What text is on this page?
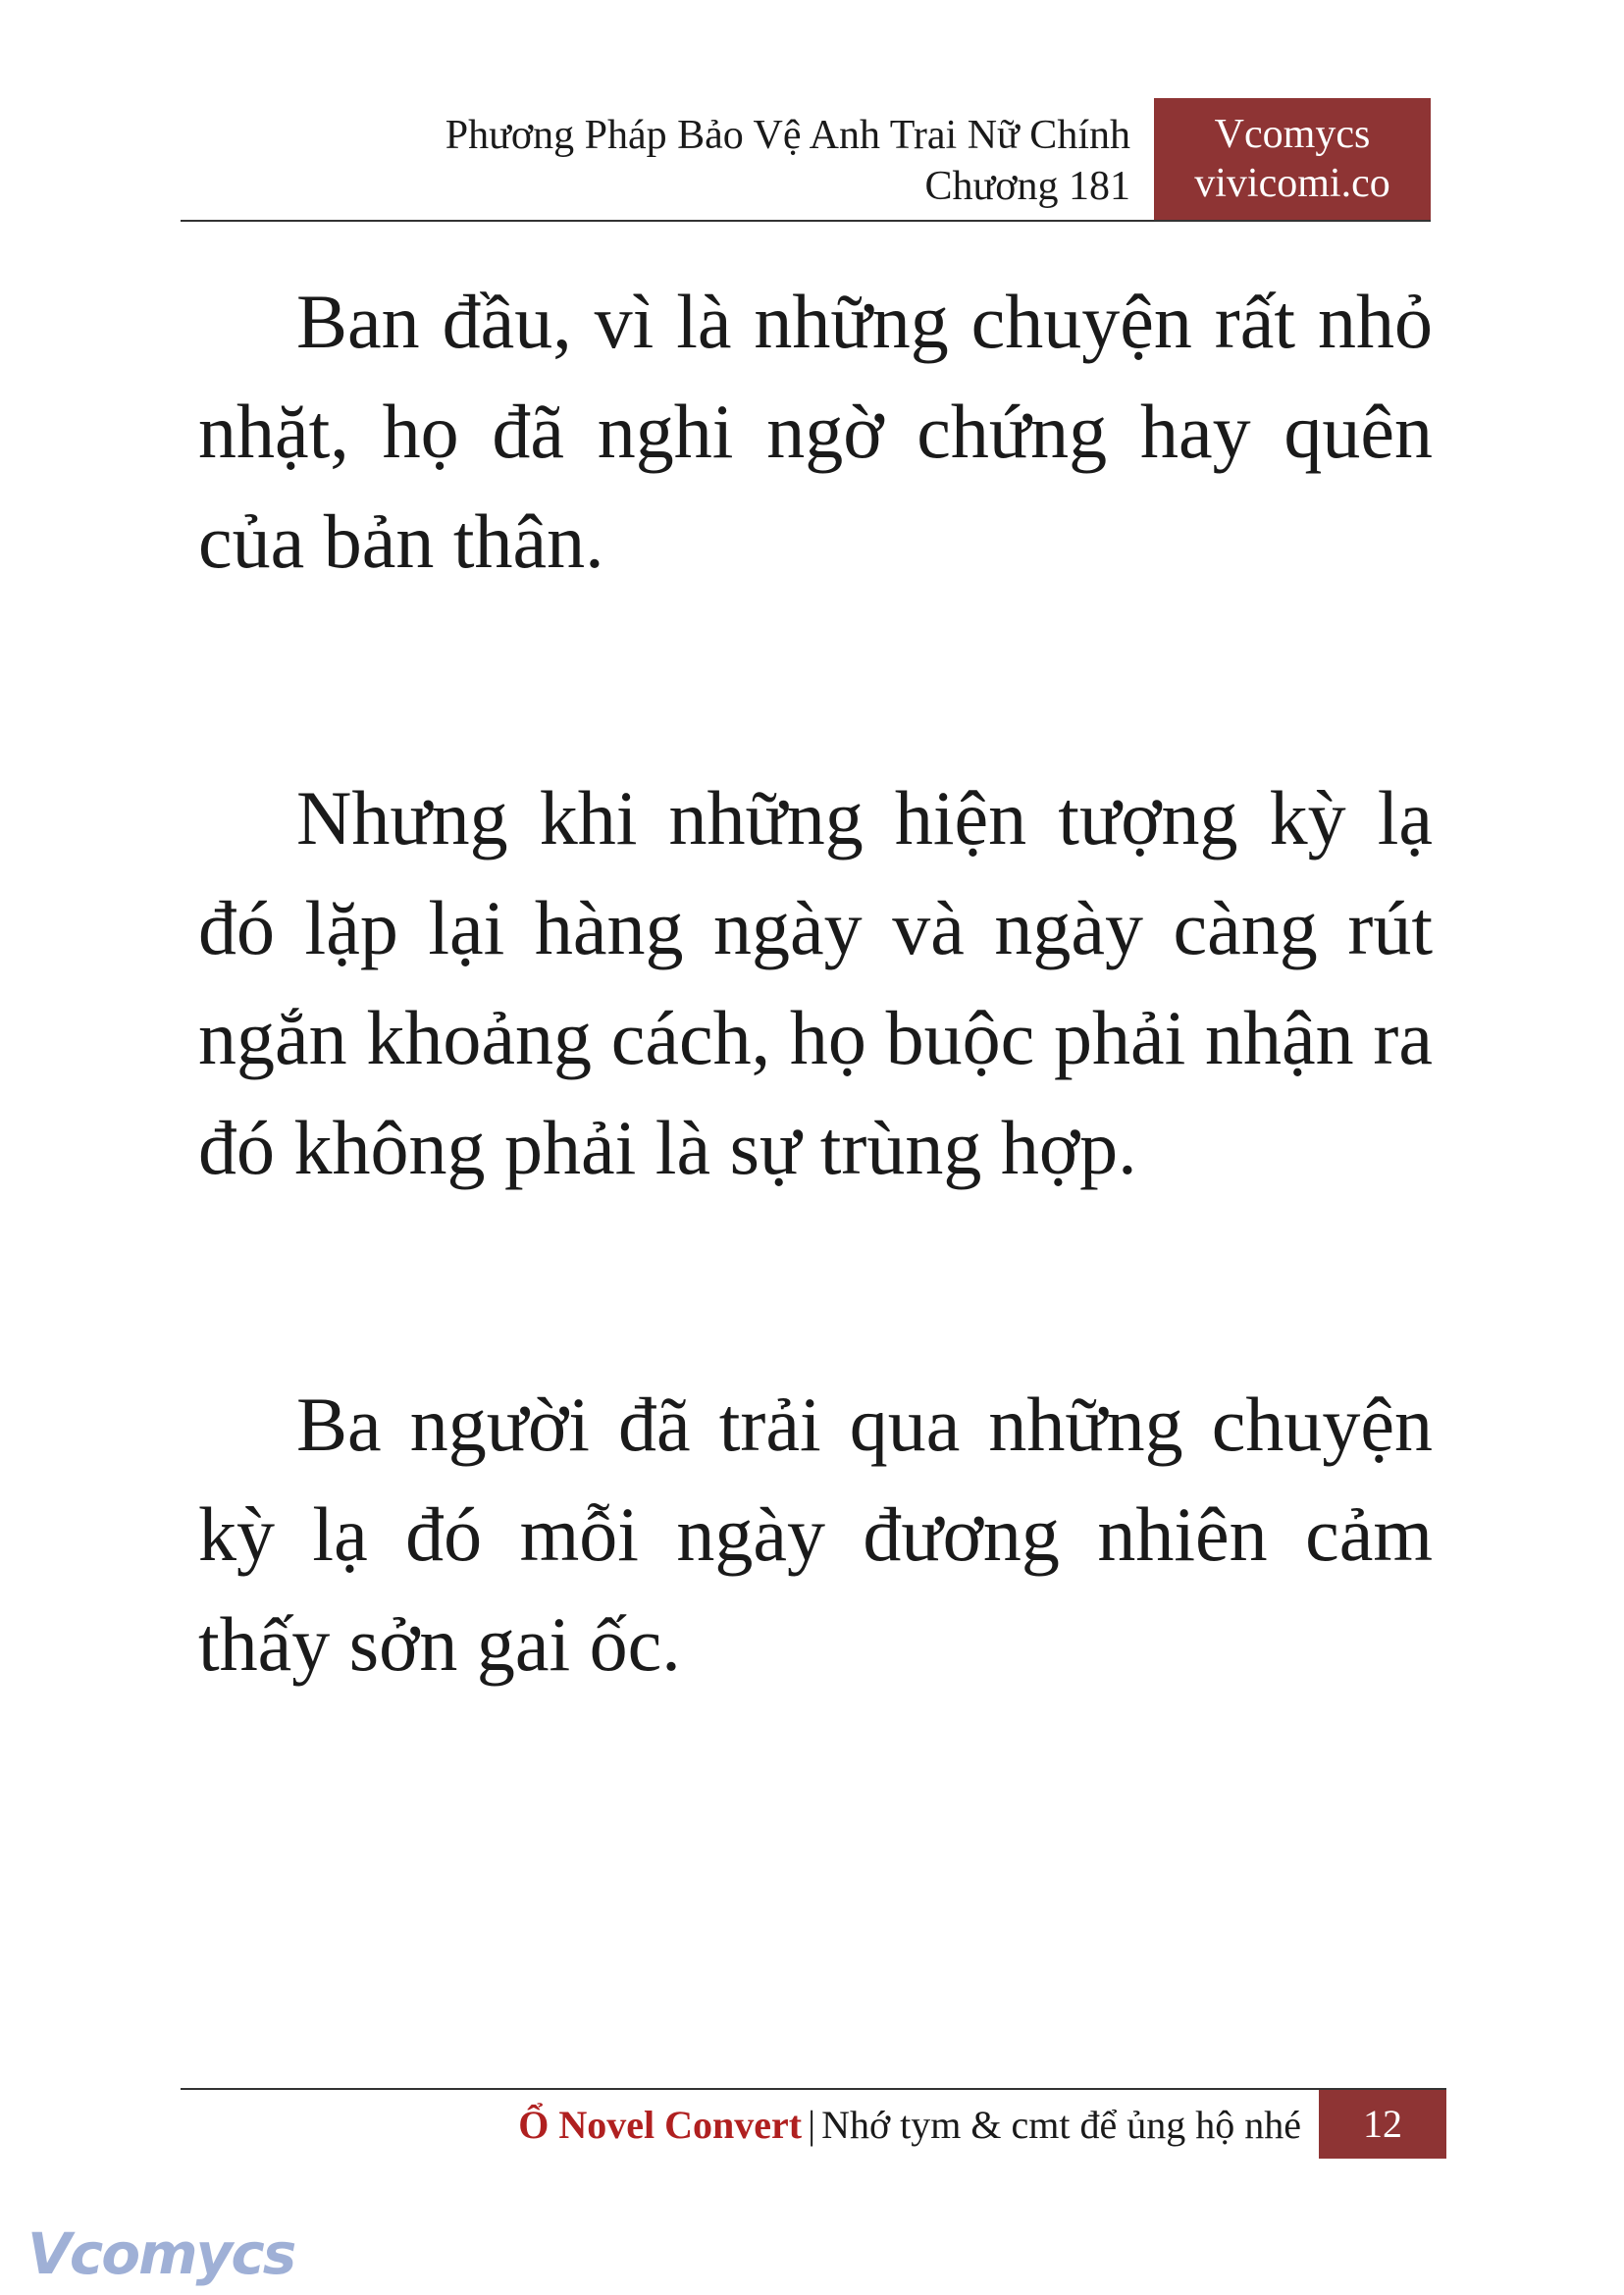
Phương Pháp Bảo Vệ Anh Trai Nữ Chính
Chương 181
Vcomycs
vivicomi.co

Ban đầu, vì là những chuyện rất nhỏ nhặt, họ đã nghi ngờ chứng hay quên của bản thân.

Nhưng khi những hiện tượng kỳ lạ đó lặp lại hàng ngày và ngày càng rút ngắn khoảng cách, họ buộc phải nhận ra đó không phải là sự trùng hợp.

Ba người đã trải qua những chuyện kỳ lạ đó mỗi ngày đương nhiên cảm thấy sởn gai ốc.

Ổ Novel Convert | Nhớ tym & cmt để ủng hộ nhé	12
Vcomycs
